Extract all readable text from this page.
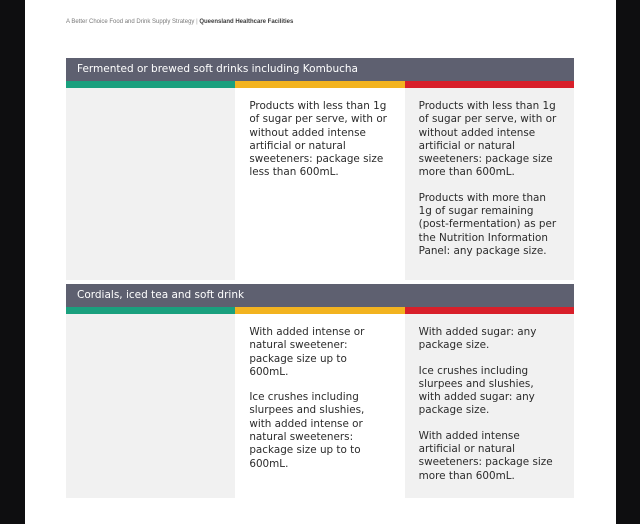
A Better Choice Food and Drink Supply Strategy | Queensland Healthcare Facilities
Fermented or brewed soft drinks including Kombucha

Products with less than 1g of sugar per serve, with or without added intense artificial or natural sweeteners: package size less than 600mL.

Products with less than 1g of sugar per serve, with or without added intense artificial or natural sweeteners: package size more than 600mL.

Products with more than 1g of sugar remaining (post-fermentation) as per the Nutrition Information Panel: any package size.

Cordials, iced tea and soft drink

With added intense or natural sweetener: package size up to 600mL.

Ice crushes including slurpees and slushies, with added intense or natural sweeteners: package size up to to 600mL.

With added sugar: any package size.

Ice crushes including slurpees and slushies, with added sugar: any package size.

With added intense artificial or natural sweeteners: package size more than 600mL.
